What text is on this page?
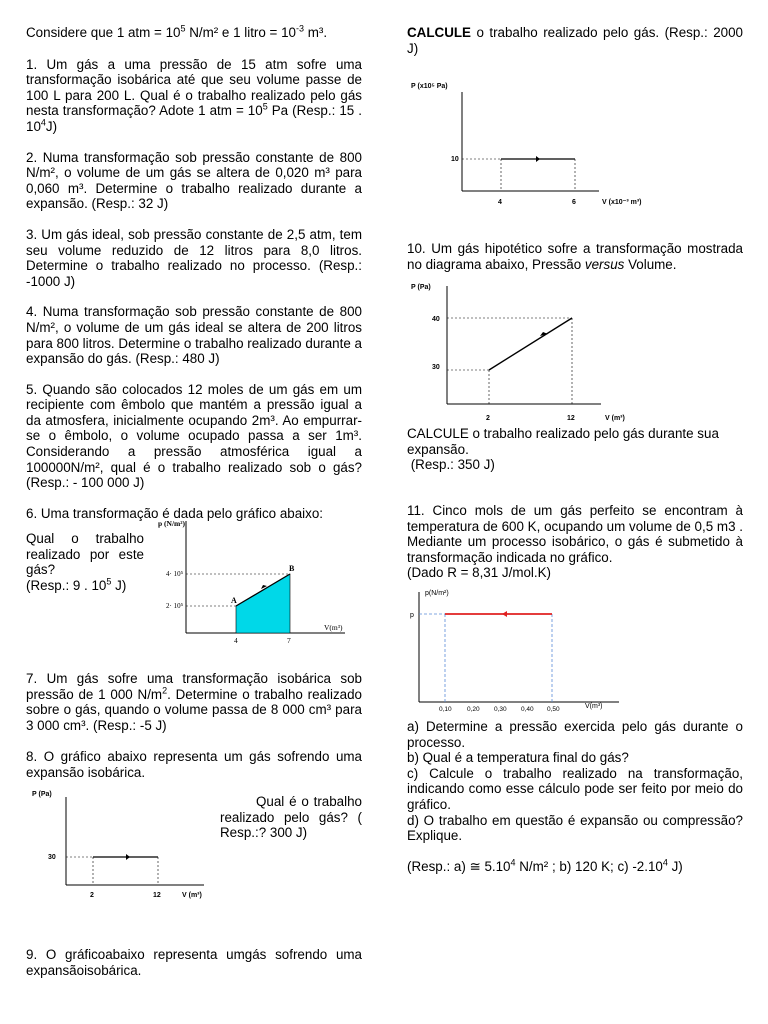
Considere que 1 atm = $10^5$ N/m² e 1 litro = $10^{-3}$ m³.

1. Um gás a uma pressão de 15 atm sofre uma transformação isobárica até que seu volume passe de 100 L para 200 L. Qual é o trabalho realizado pelo gás nesta transformação? Adote 1 atm = $10^5$ Pa (Resp.: 15 . $10^4J$)

2. Numa transformação sob pressão constante de 800 N/m², o volume de um gás se altera de 0,020 m³ para 0,060 m³. Determine o trabalho realizado durante a expansão. (Resp.: 32 J)

3. Um gás ideal, sob pressão constante de 2,5 atm, tem seu volume reduzido de 12 litros para 8,0 litros. Determine o trabalho realizado no processo. (Resp.: -1000 J)

4. Numa transformação sob pressão constante de 800 N/m², o volume de um gás ideal se altera de 200 litros para 800 litros. Determine o trabalho realizado durante a expansão do gás. (Resp.: 480 J)

5. Quando são colocados 12 moles de um gás em um recipiente com êmbolo que mantém a pressão igual a da atmosfera, inicialmente ocupando 2m³. Ao empurrar-se o êmbolo, o volume ocupado passa a ser 1m³. Considerando a pressão atmosférica igual a 100000N/m², qual é o trabalho realizado sob o gás? (Resp.: - 100 000 J)

6. Uma transformação é dada pelo gráfico abaixo:

Qual o trabalho realizado por este gás?

(Resp.: 9 . $10^5$ J)

p (N/m²)
V(m³)
4· 10⁵
2· 10⁵
4	7
A
B

7. Um gás sofre uma transformação isobárica sob pressão de 1 000 $N/m^2$. Determine o trabalho realizado sobre o gás, quando o volume passa de 8 000 cm³ para 3 000 cm³. (Resp.: -5 J)

8. O gráfico abaixo representa um gás sofrendo uma expansão isobárica.

Qual é o trabalho realizado pelo gás? ( Resp.:? 300 J)

P (Pa)
30
2	12	V (m³)

9. O gráficoabaixo representa umgás sofrendo uma expansãoisobárica.

CALCULE o trabalho realizado pelo gás. (Resp.: 2000 J)

P (x10⁵ Pa)
10
4	6	V (x10⁻³ m³)

10. Um gás hipotético sofre a transformação mostrada no diagrama abaixo, Pressão versus Volume.

P (Pa)
40
30
2	12	V (m³)

CALCULE o trabalho realizado pelo gás durante sua expansão.

(Resp.: 350 J)

11. Cinco mols de um gás perfeito se encontram à temperatura de 600 K, ocupando um volume de 0,5 m3 . Mediante um processo isobárico, o gás é submetido à transformação indicada no gráfico.

(Dado R = 8,31 J/mol.K)

p(N/m²)
p
0,10 0,20 0,30 0,40 0,50	V(m³)

a) Determine a pressão exercida pelo gás durante o processo.

b) Qual é a temperatura final do gás?

c) Calcule o trabalho realizado na transformação, indicando como esse cálculo pode ser feito por meio do gráfico.

d) O trabalho em questão é expansão ou compressão? Explique.

(Resp.: a) ≅ 5.10$^4$ N/m² ; b) 120 K; c) -2.10$^4$ J)
